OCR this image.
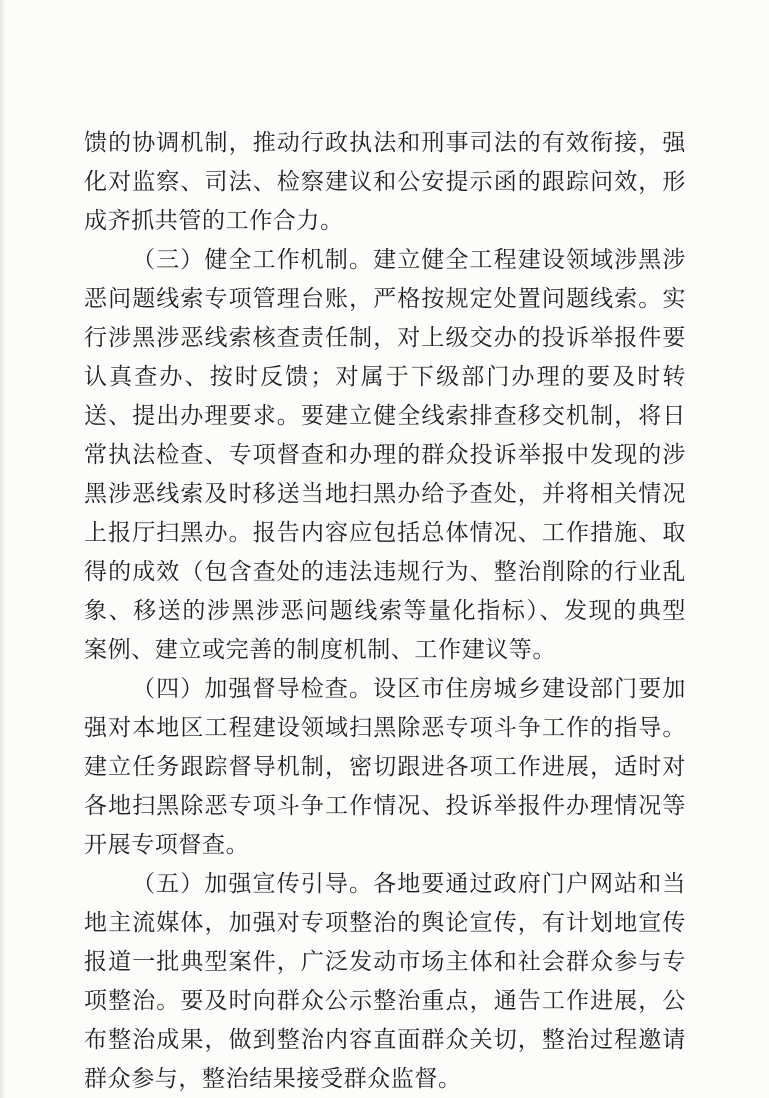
馈的协调机制，推动行政执法和刑事司法的有效衔接，强化对监察、司法、检察建议和公安提示函的跟踪问效，形成齐抓共管的工作合力。

（三）健全工作机制。建立健全工程建设领域涉黑涉恶问题线索专项管理台账，严格按规定处置问题线索。实行涉黑涉恶线索核查责任制，对上级交办的投诉举报件要认真查办、按时反馈；对属于下级部门办理的要及时转送、提出办理要求。要建立健全线索排查移交机制，将日常执法检查、专项督查和办理的群众投诉举报中发现的涉黑涉恶线索及时移送当地扫黑办给予查处，并将相关情况上报厅扫黑办。报告内容应包括总体情况、工作措施、取得的成效（包含查处的违法违规行为、整治削除的行业乱象、移送的涉黑涉恶问题线索等量化指标）、发现的典型案例、建立或完善的制度机制、工作建议等。

（四）加强督导检查。设区市住房城乡建设部门要加强对本地区工程建设领域扫黑除恶专项斗争工作的指导。建立任务跟踪督导机制，密切跟进各项工作进展，适时对各地扫黑除恶专项斗争工作情况、投诉举报件办理情况等开展专项督查。

（五）加强宣传引导。各地要通过政府门户网站和当地主流媒体，加强对专项整治的舆论宣传，有计划地宣传报道一批典型案件，广泛发动市场主体和社会群众参与专项整治。要及时向群众公示整治重点，通告工作进展，公布整治成果，做到整治内容直面群众关切，整治过程邀请群众参与，整治结果接受群众监督。
